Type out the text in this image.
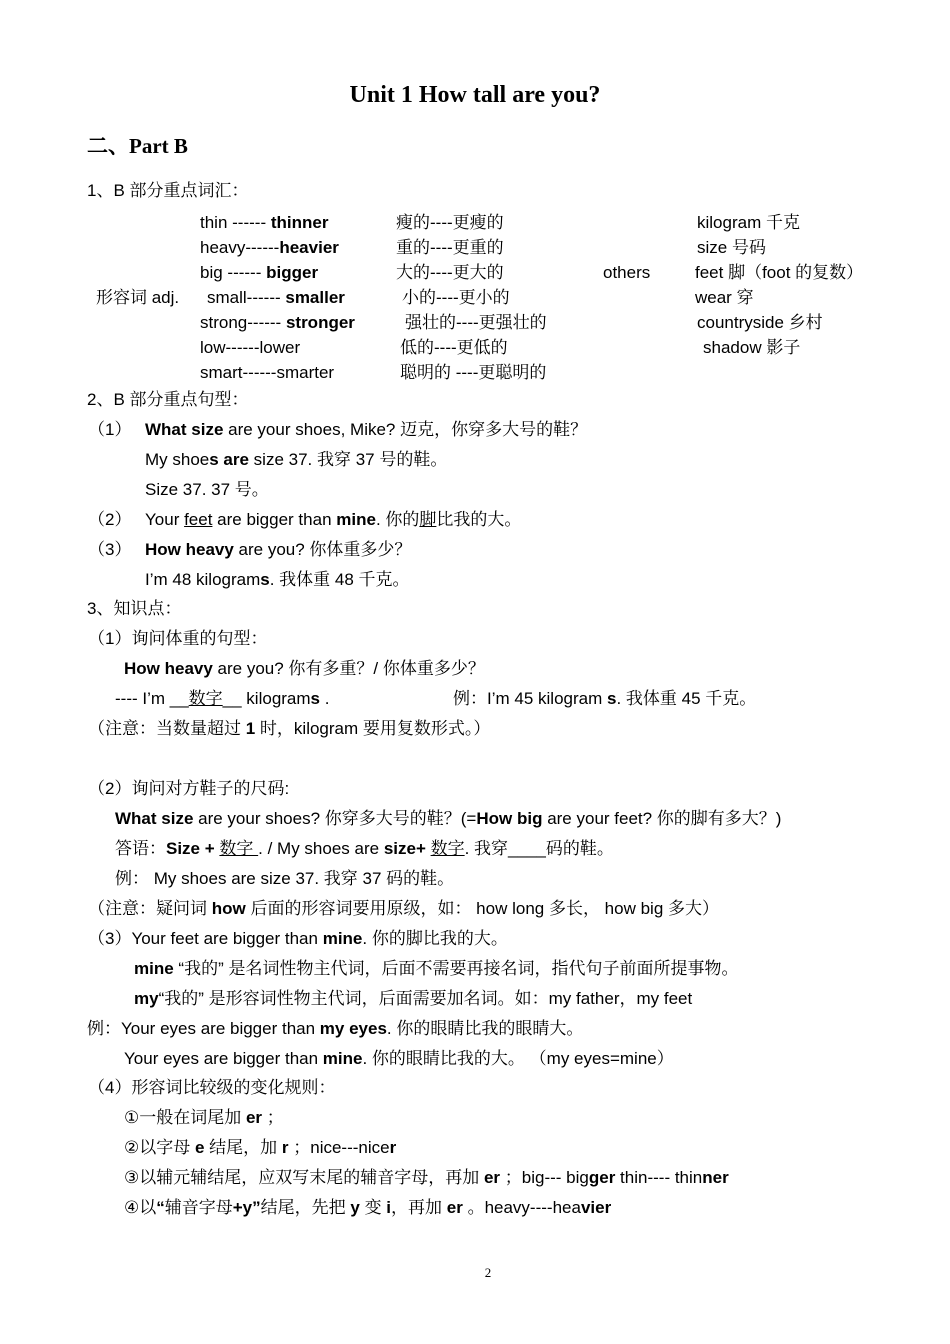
Unit 1 How tall are you?
二、Part B
1、B 部分重点词汇：
thin ------ thinner	瘦的----更瘦的	kilogram 千克
heavy------heavier	重的----更重的	size 号码
big ------ bigger	大的----更大的	others	feet 脚（foot 的复数）
形容词 adj. small------ smaller	小的----更小的	wear 穿
strong------ stronger	强壮的----更强壮的	countryside 乡村
low------lower	低的----更低的	shadow 影子
smart------smarter	聪明的 ----更聪明的
2、B 部分重点句型：
（1） What size are your shoes, Mike? 迈克，你穿多大号的鞋？
My shoes are size 37. 我穿 37 号的鞋。
Size 37. 37 号。
（2） Your feet are bigger than mine. 你的脚比我的大。
（3） How heavy are you? 你体重多少？
I’m 48 kilograms. 我体重 48 千克。
3、知识点：
（1）询问体重的句型：
How heavy are you? 你有多重？/ 你体重多少？
---- I’m __数字__ kilograms .	例：I’m 45 kilogram s. 我体重 45 千克。
（注意：当数量超过 1 时，kilogram 要用复数形式。）
（2）询问对方鞋子的尺码:
What size are your shoes? 你穿多大号的鞋？(=How big are your feet? 你的脚有多大？)
答语：Size + 数字 . / My shoes are size+ 数字. 我穿____码的鞋。
例： My shoes are size 37. 我穿 37 码的鞋。
（注意：疑问词 how 后面的形容词要用原级，如： how long 多长， how big 多大）
（3）Your feet are bigger than mine. 你的脚比我的大。
mine “我的” 是名词性物主代词，后面不需要再接名词，指代句子前面所提事物。
my“我的” 是形容词性物主代词，后面需要加名词。如：my father，my feet
例：Your eyes are bigger than my eyes. 你的眼睛比我的眼睛大。
Your eyes are bigger than mine. 你的眼睛比我的大。 （my eyes=mine）
（4）形容词比较级的变化规则：
①一般在词尾加 er ；
②以字母 e 结尾，加 r ；nice---nicer
③以辅元辅结尾，应双写末尾的辅音字母，再加 er ；big--- bigger thin---- thinner
④以“辅音字母+y”结尾，先把 y 变 i，再加 er 。heavy----heavier
2
